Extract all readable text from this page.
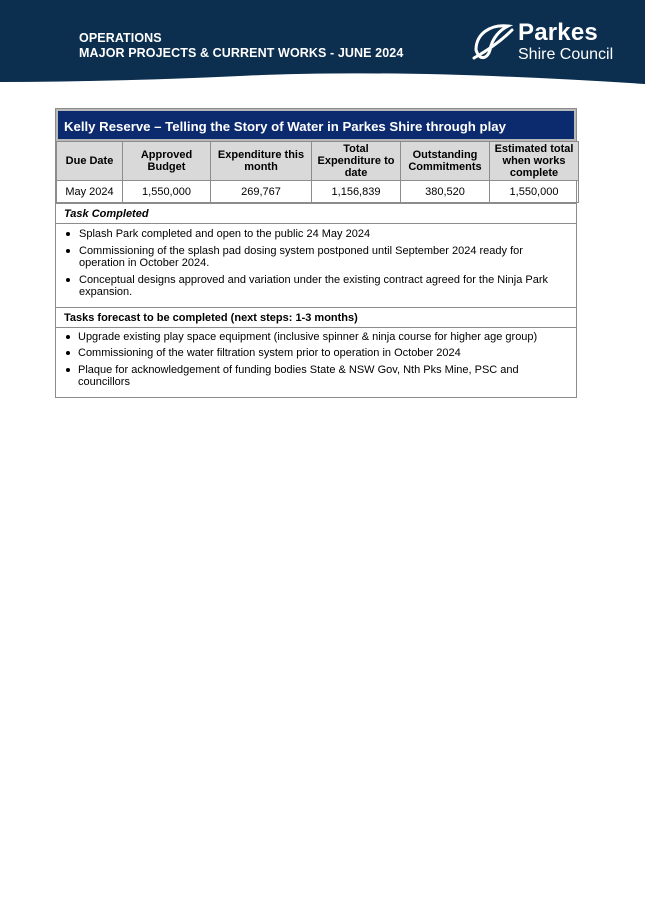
OPERATIONS
MAJOR PROJECTS & CURRENT WORKS - JUNE 2024
Parkes
Shire Council
Kelly Reserve – Telling the Story of Water in Parkes Shire through play
Due Date	Approved Budget	Expenditure this month	Total Expenditure to date	Outstanding Commitments	Estimated total when works complete
May 2024	1,550,000	269,767	1,156,839	380,520	1,550,000
Task Completed
Splash Park completed and open to the public 24 May 2024
Commissioning of the splash pad dosing system postponed until September 2024 ready for operation in October 2024.
Conceptual designs approved and variation under the existing contract agreed for the Ninja Park expansion.
Tasks forecast to be completed (next steps: 1-3 months)
Upgrade existing play space equipment (inclusive spinner & ninja course for higher age group)
Commissioning of the water filtration system prior to operation in October 2024
Plaque for acknowledgement of funding bodies State & NSW Gov, Nth Pks Mine, PSC and councillors
